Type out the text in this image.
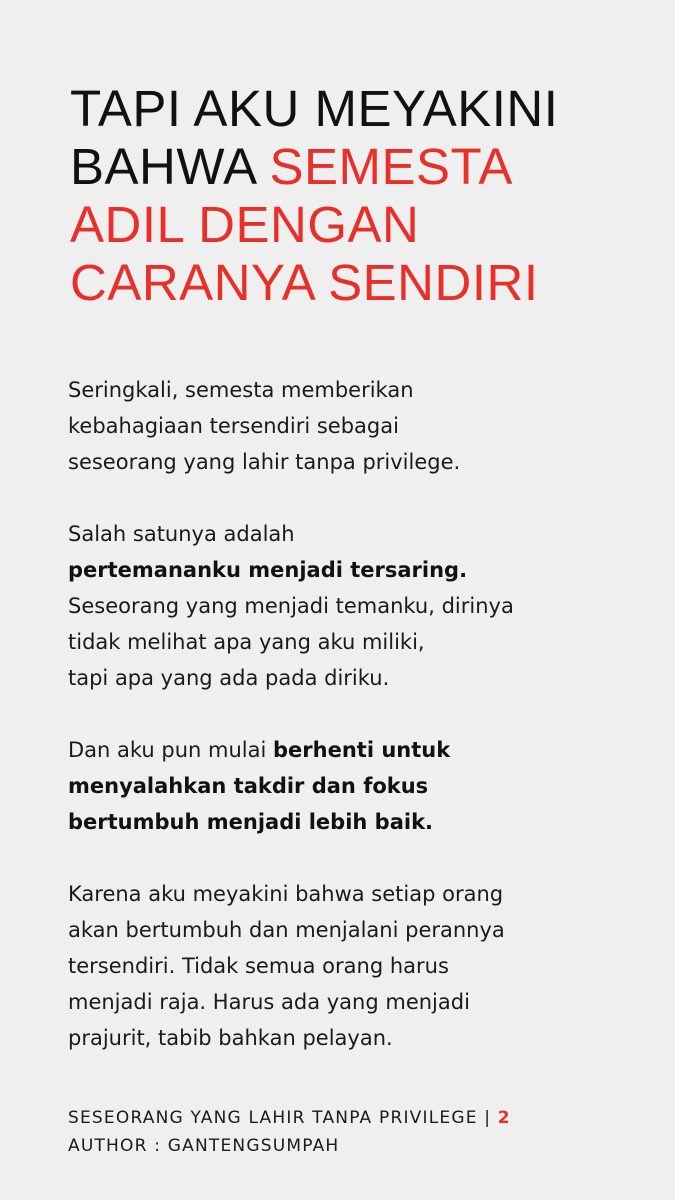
TAPI AKU MEYAKINI
BAHWA SEMESTA
ADIL DENGAN
CARANYA SENDIRI

Seringkali, semesta memberikan

kebahagiaan tersendiri sebagai

seseorang yang lahir tanpa privilege.

Salah satunya adalah

pertemananku menjadi tersaring.

Seseorang yang menjadi temanku, dirinya

tidak melihat apa yang aku miliki,

tapi apa yang ada pada diriku.

Dan aku pun mulai berhenti untuk

menyalahkan takdir dan fokus

bertumbuh menjadi lebih baik.

Karena aku meyakini bahwa setiap orang

akan bertumbuh dan menjalani perannya

tersendiri. Tidak semua orang harus

menjadi raja. Harus ada yang menjadi

prajurit, tabib bahkan pelayan.

SESEORANG YANG LAHIR TANPA PRIVILEGE | 2
AUTHOR : GANTENGSUMPAH
